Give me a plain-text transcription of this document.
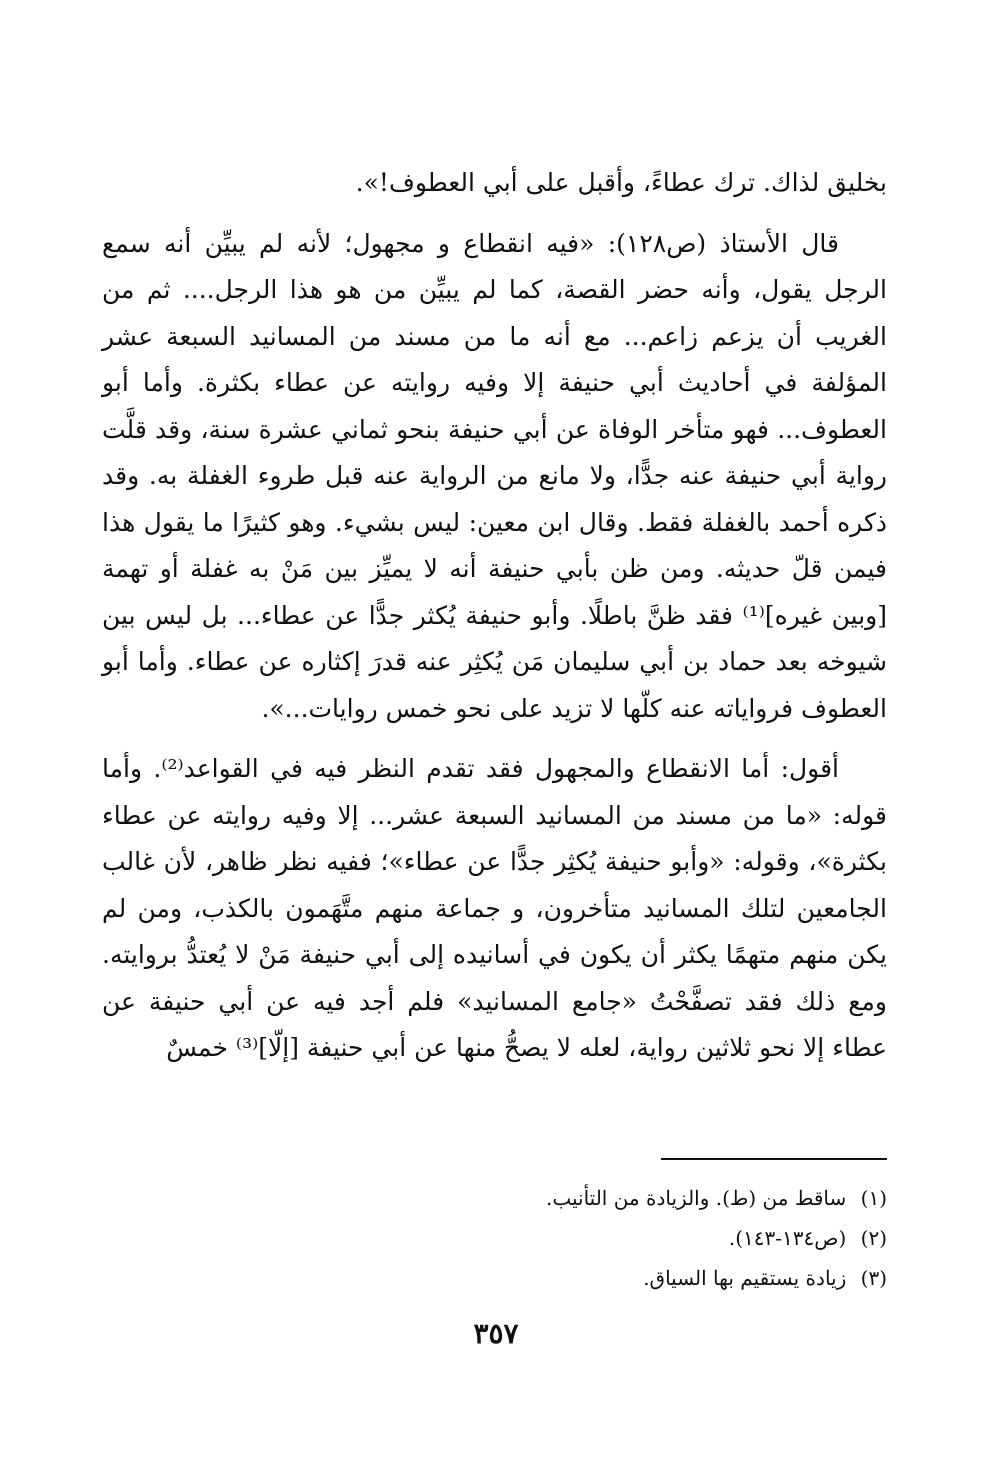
بخليق لذاك. ترك عطاءً، وأقبل على أبي العطوف!».

قال الأستاذ (ص١٢٨): «فيه انقطاع و مجهول؛ لأنه لم يبيِّن أنه سمع الرجل يقول، وأنه حضر القصة، كما لم يبيِّن من هو هذا الرجل.... ثم من الغريب أن يزعم زاعم... مع أنه ما من مسند من المسانيد السبعة عشر المؤلفة في أحاديث أبي حنيفة إلا وفيه روايته عن عطاء بكثرة. وأما أبو العطوف... فهو متأخر الوفاة عن أبي حنيفة بنحو ثماني عشرة سنة، وقد قلَّت رواية أبي حنيفة عنه جدًّا، ولا مانع من الرواية عنه قبل طروء الغفلة به. وقد ذكره أحمد بالغفلة فقط. وقال ابن معين: ليس بشيء. وهو كثيرًا ما يقول هذا فيمن قلّ حديثه. ومن ظن بأبي حنيفة أنه لا يميِّز بين مَنْ به غفلة أو تهمة [وبين غيره]⁽¹⁾ فقد ظنَّ باطلًا. وأبو حنيفة يُكثر جدًّا عن عطاء... بل ليس بين شيوخه بعد حماد بن أبي سليمان مَن يُكثِر عنه قدرَ إكثاره عن عطاء. وأما أبو العطوف فرواياته عنه كلّها لا تزيد على نحو خمس روايات...».

أقول: أما الانقطاع والمجهول فقد تقدم النظر فيه في القواعد⁽²⁾. وأما قوله: «ما من مسند من المسانيد السبعة عشر... إلا وفيه روايته عن عطاء بكثرة»، وقوله: «وأبو حنيفة يُكثِر جدًّا عن عطاء»؛ ففيه نظر ظاهر، لأن غالب الجامعين لتلك المسانيد متأخرون، و جماعة منهم متَّهَمون بالكذب، ومن لم يكن منهم متهمًا يكثر أن يكون في أسانيده إلى أبي حنيفة مَنْ لا يُعتدُّ بروايته. ومع ذلك فقد تصفَّحْتُ «جامع المسانيد» فلم أجد فيه عن أبي حنيفة عن عطاء إلا نحو ثلاثين رواية، لعله لا يصحُّ منها عن أبي حنيفة [إلّا]⁽³⁾ خمسٌ

(١) ساقط من (ط). والزيادة من التأنيب.

(٢) (ص١٣٤-١٤٣).

(٣) زيادة يستقيم بها السياق.

٣٥٧
